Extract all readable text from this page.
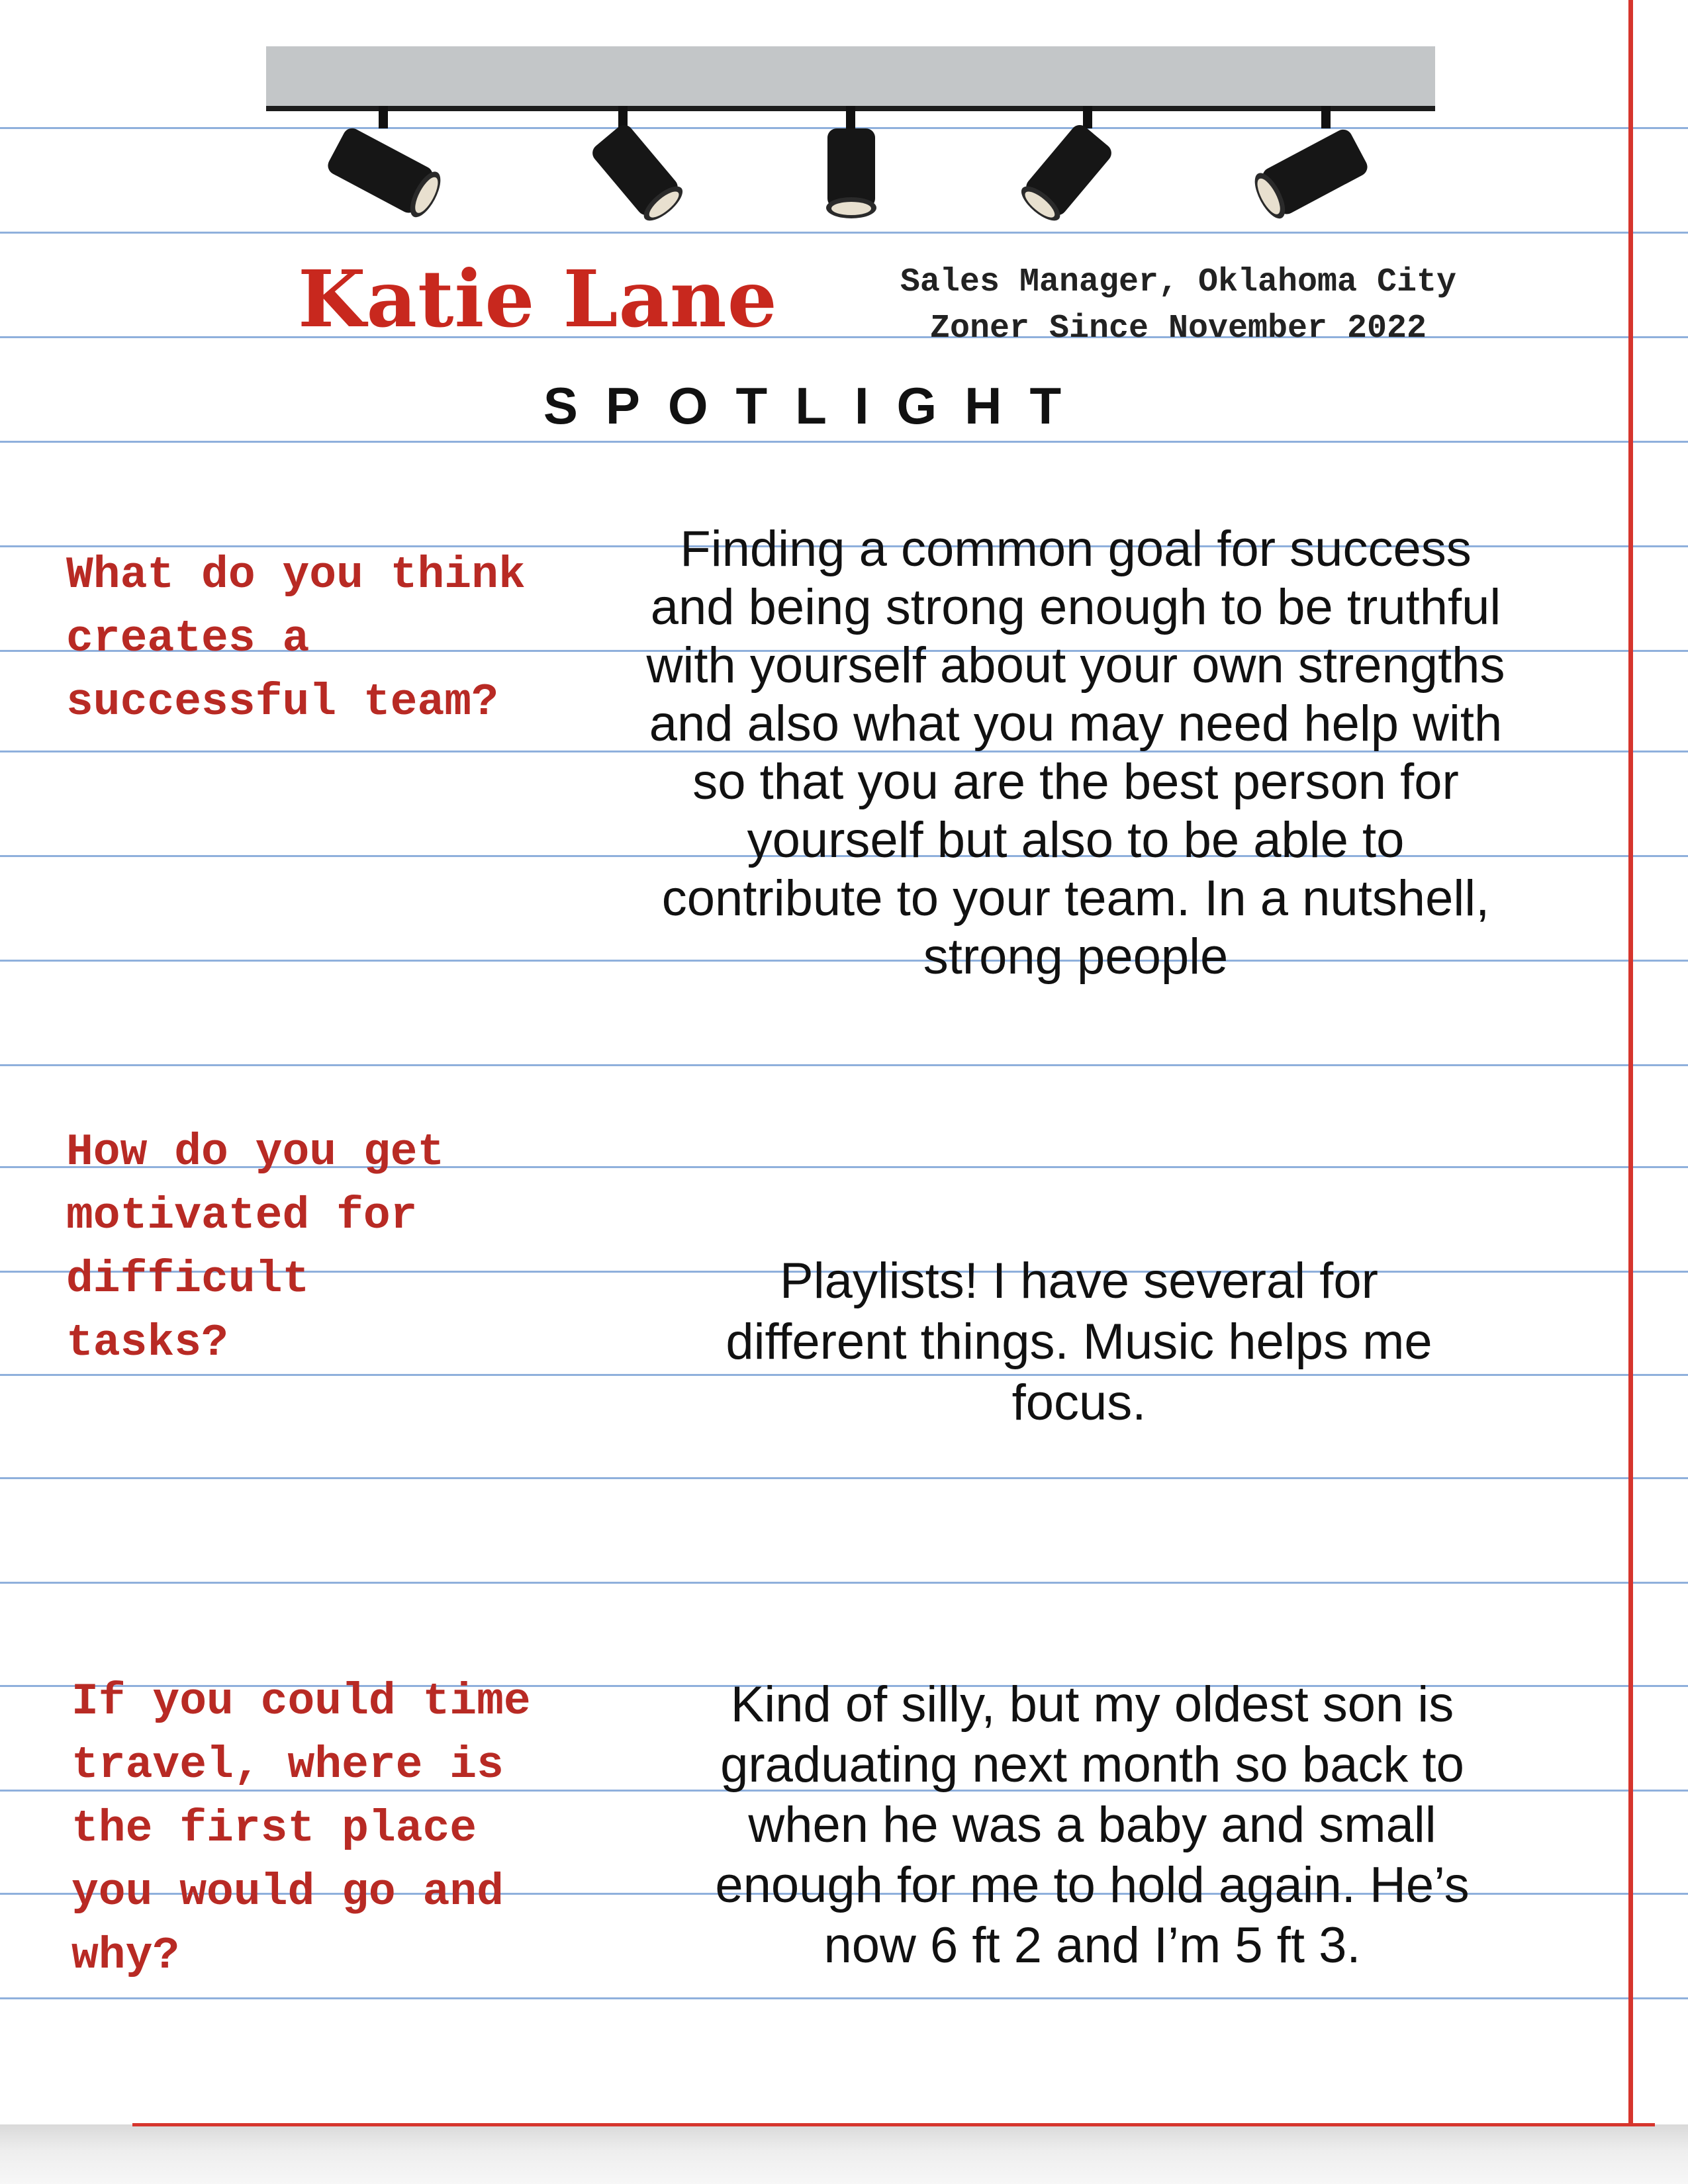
Katie Lane	Sales Manager, Oklahoma City
Zoner Since November 2022
SPOTLIGHT
What do you think creates a successful team?
Finding a common goal for success and being strong enough to be truthful with yourself about your own strengths and also what you may need help with so that you are the best person for yourself but also to be able to contribute to your team. In a nutshell, strong people
How do you get motivated for difficult tasks?
Playlists! I have several for different things. Music helps me focus.
If you could time travel, where is the first place you would go and why?
Kind of silly, but my oldest son is graduating next month so back to when he was a baby and small enough for me to hold again. He’s now 6 ft 2 and I’m 5 ft 3.
